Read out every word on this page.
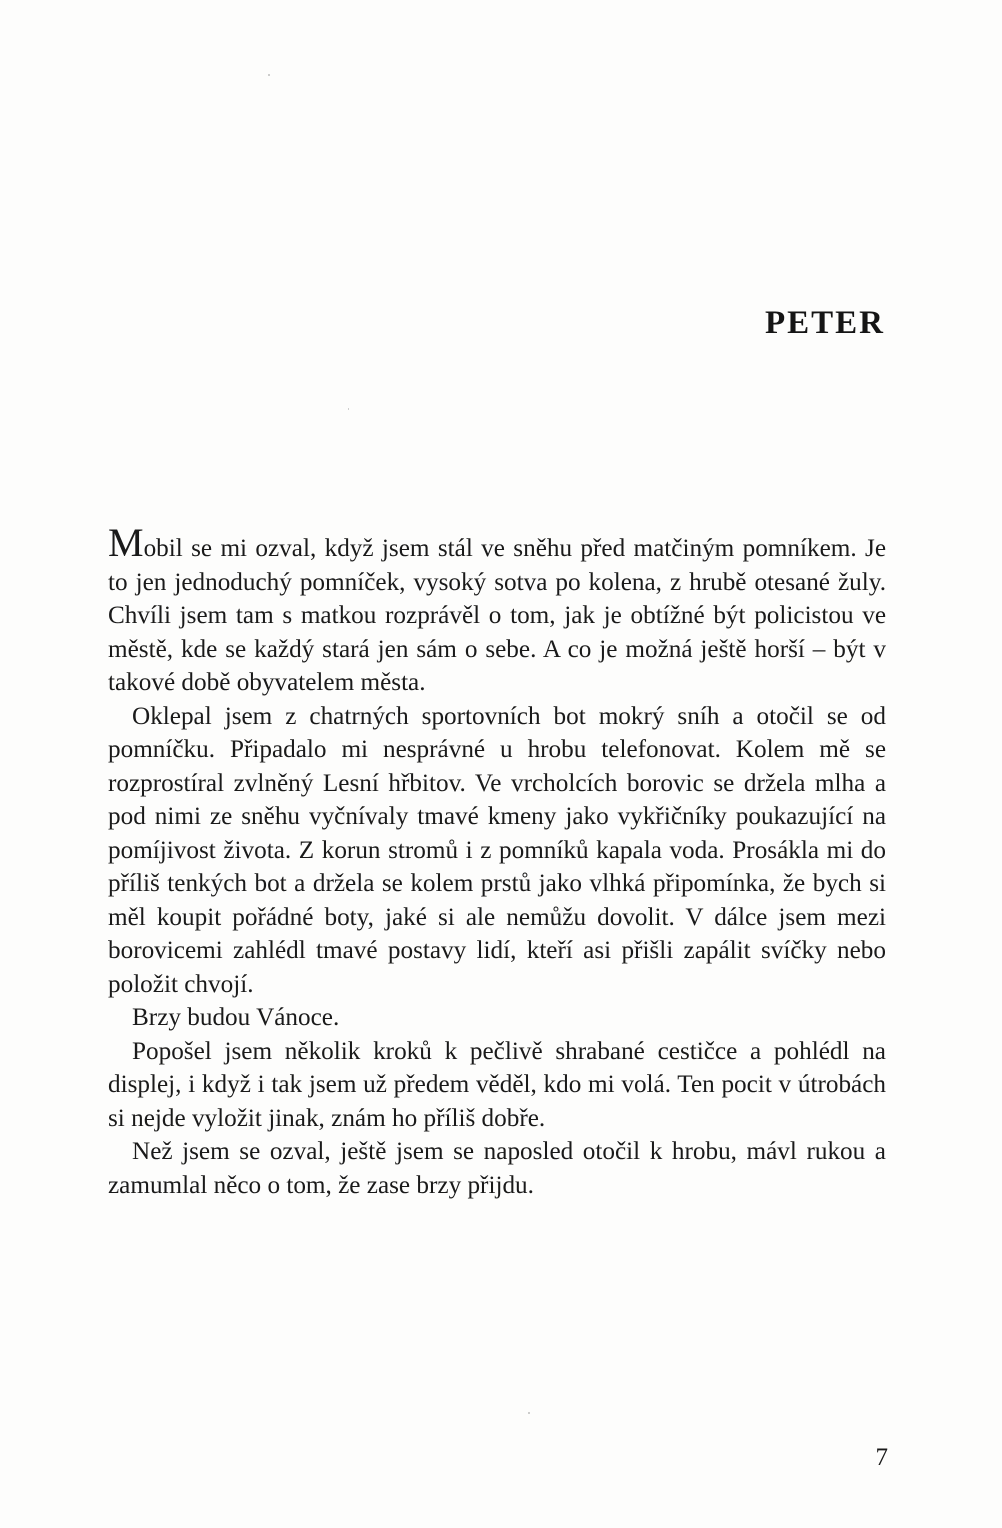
PETER

Mobil se mi ozval, když jsem stál ve sněhu před matčiným pomníkem. Je to jen jednoduchý pomníček, vysoký sotva po kolena, z hrubě otesané žuly. Chvíli jsem tam s matkou rozprávěl o tom, jak je obtížné být policistou ve městě, kde se každý stará jen sám o sebe. A co je možná ještě horší – být v takové době obyvatelem města.

Oklepal jsem z chatrných sportovních bot mokrý sníh a otočil se od pomníčku. Připadalo mi nesprávné u hrobu telefonovat. Kolem mě se rozprostíral zvlněný Lesní hřbitov. Ve vrcholcích borovic se držela mlha a pod nimi ze sněhu vyčnívaly tmavé kmeny jako vykřičníky poukazující na pomíjivost života. Z korun stromů i z pomníků kapala voda. Prosákla mi do příliš tenkých bot a držela se kolem prstů jako vlhká připomínka, že bych si měl koupit pořádné boty, jaké si ale nemůžu dovolit. V dálce jsem mezi borovicemi zahlédl tmavé postavy lidí, kteří asi přišli zapálit svíčky nebo položit chvojí.

Brzy budou Vánoce.

Popošel jsem několik kroků k pečlivě shrabané cestičce a pohlédl na displej, i když i tak jsem už předem věděl, kdo mi volá. Ten pocit v útrobách si nejde vyložit jinak, znám ho příliš dobře.

Než jsem se ozval, ještě jsem se naposled otočil k hrobu, mávl rukou a zamumlal něco o tom, že zase brzy přijdu.

7
